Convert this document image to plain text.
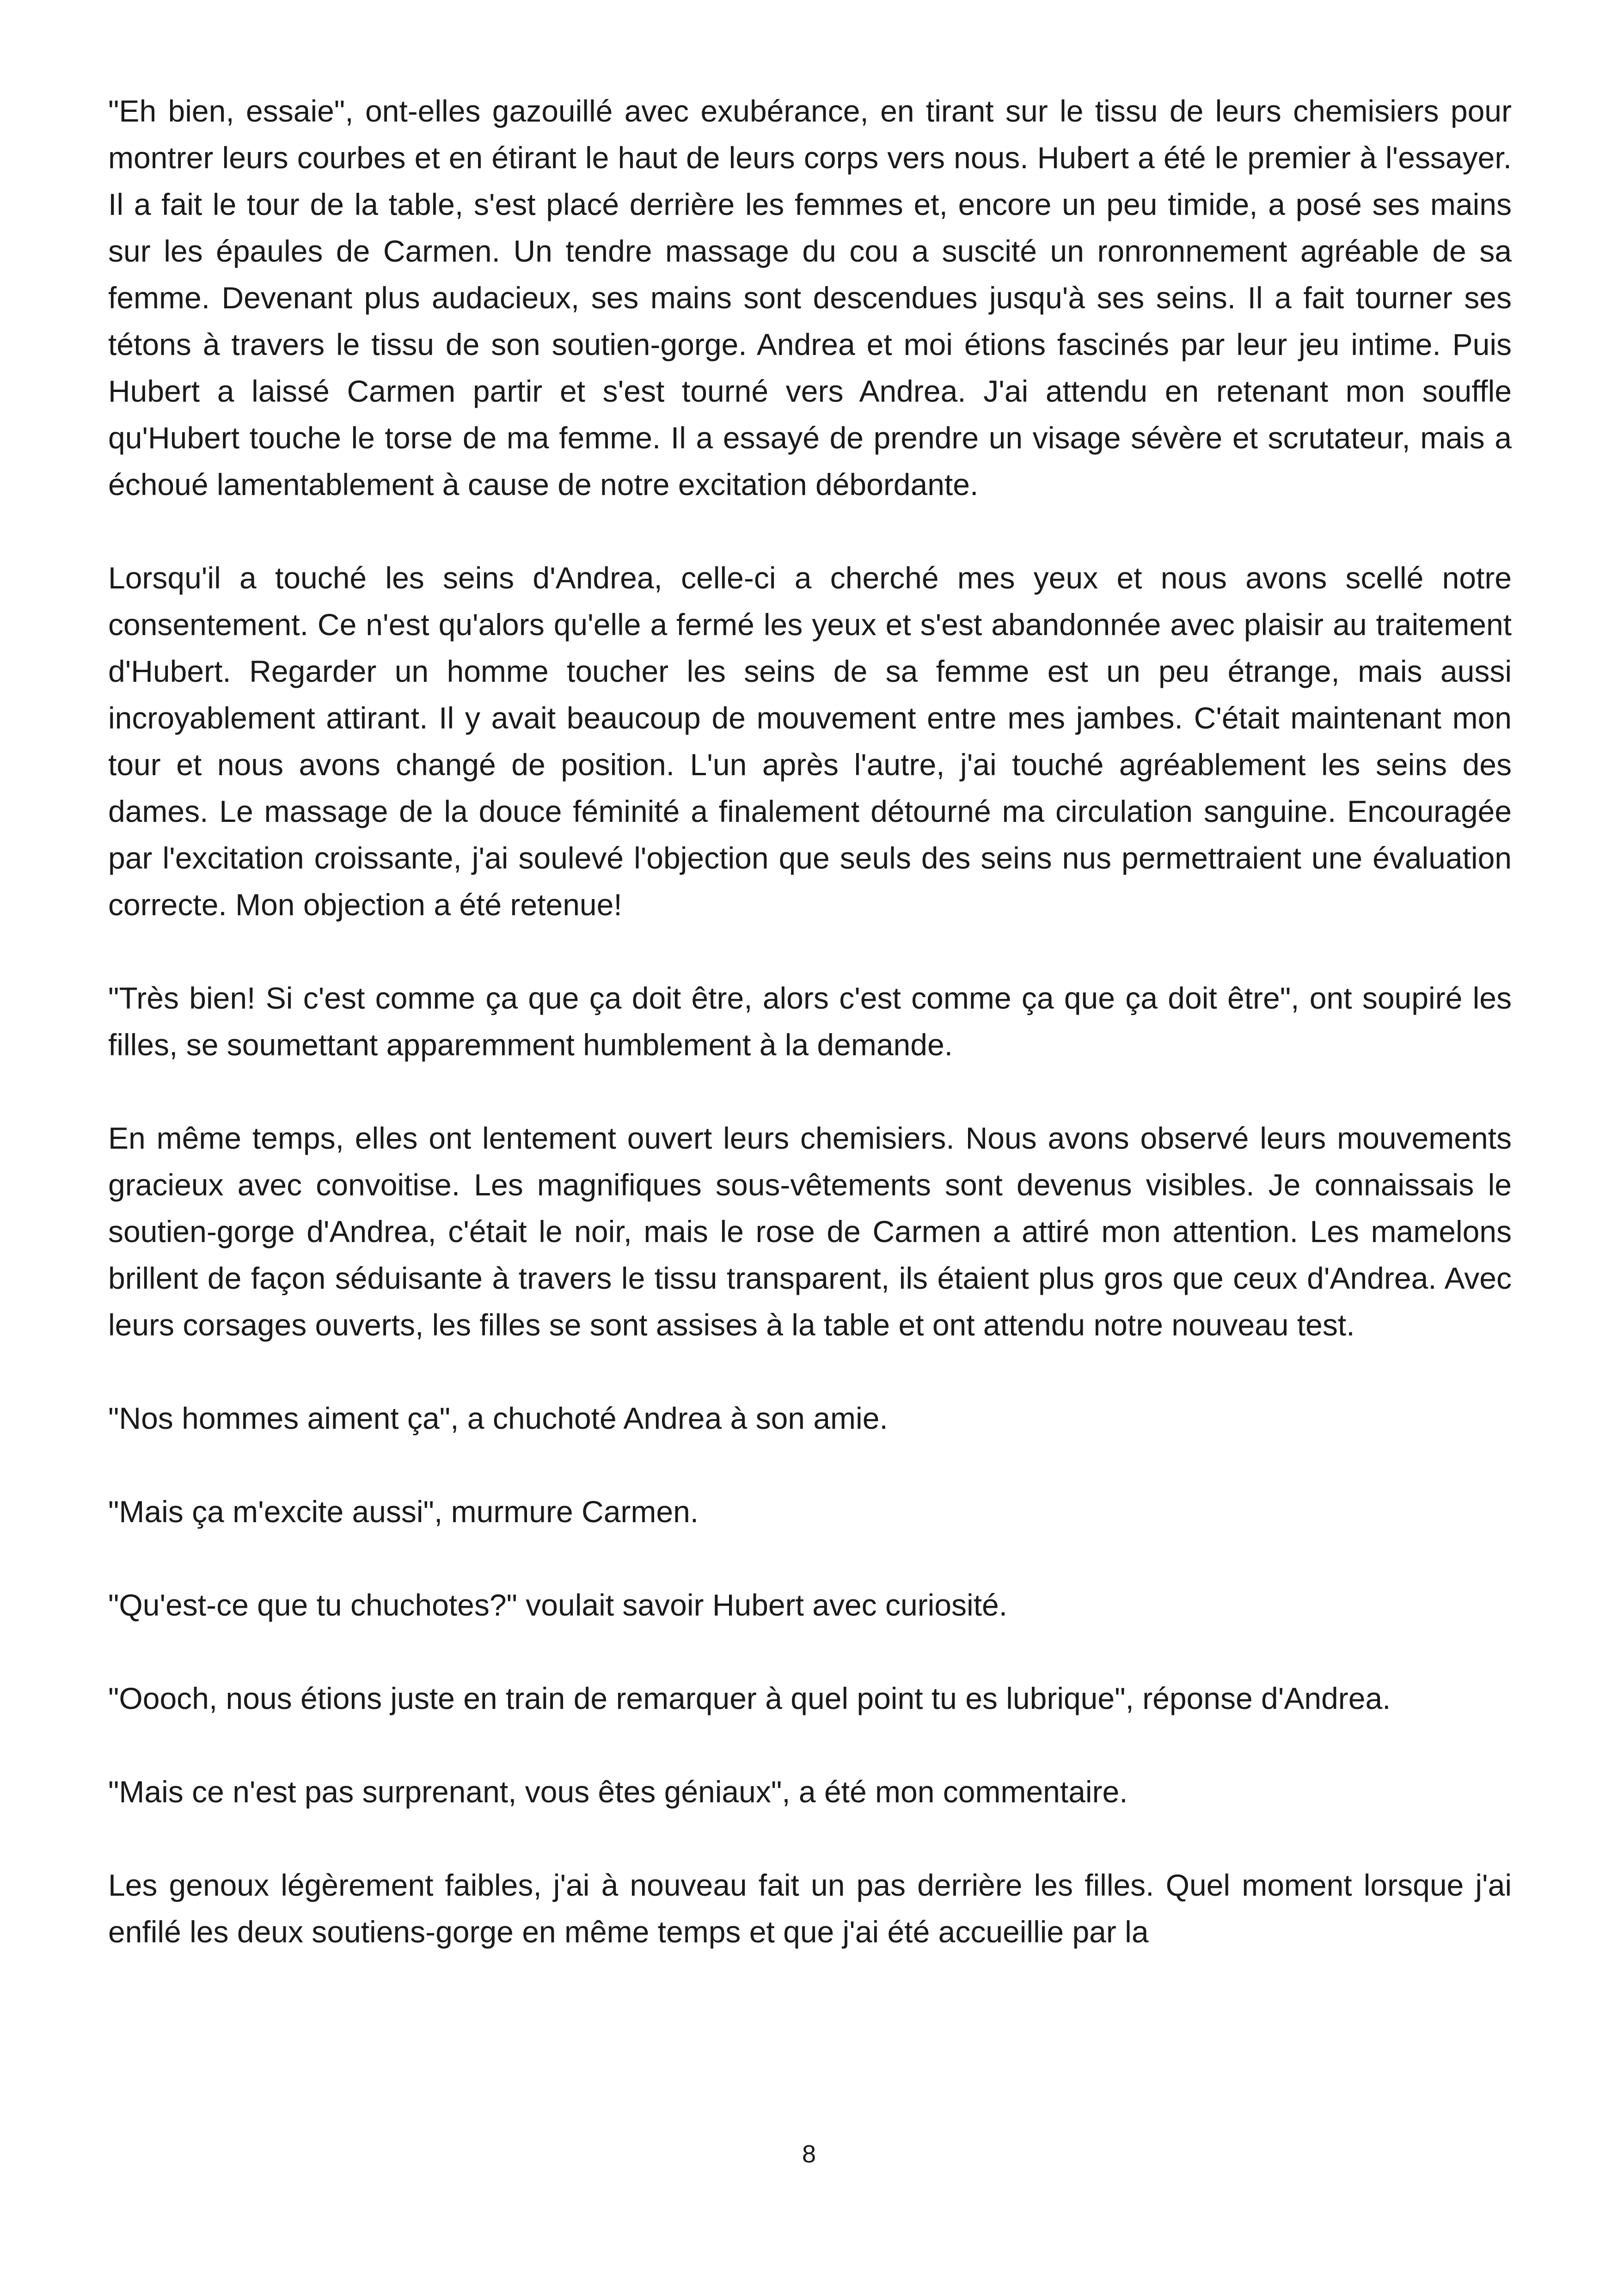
"Eh bien, essaie", ont-elles gazouillé avec exubérance, en tirant sur le tissu de leurs chemisiers pour montrer leurs courbes et en étirant le haut de leurs corps vers nous. Hubert a été le premier à l'essayer. Il a fait le tour de la table, s'est placé derrière les femmes et, encore un peu timide, a posé ses mains sur les épaules de Carmen. Un tendre massage du cou a suscité un ronronnement agréable de sa femme. Devenant plus audacieux, ses mains sont descendues jusqu'à ses seins. Il a fait tourner ses tétons à travers le tissu de son soutien-gorge. Andrea et moi étions fascinés par leur jeu intime. Puis Hubert a laissé Carmen partir et s'est tourné vers Andrea. J'ai attendu en retenant mon souffle qu'Hubert touche le torse de ma femme. Il a essayé de prendre un visage sévère et scrutateur, mais a échoué lamentablement à cause de notre excitation débordante.

Lorsqu'il a touché les seins d'Andrea, celle-ci a cherché mes yeux et nous avons scellé notre consentement. Ce n'est qu'alors qu'elle a fermé les yeux et s'est abandonnée avec plaisir au traitement d'Hubert. Regarder un homme toucher les seins de sa femme est un peu étrange, mais aussi incroyablement attirant. Il y avait beaucoup de mouvement entre mes jambes. C'était maintenant mon tour et nous avons changé de position. L'un après l'autre, j'ai touché agréablement les seins des dames. Le massage de la douce féminité a finalement détourné ma circulation sanguine. Encouragée par l'excitation croissante, j'ai soulevé l'objection que seuls des seins nus permettraient une évaluation correcte. Mon objection a été retenue!

"Très bien! Si c'est comme ça que ça doit être, alors c'est comme ça que ça doit être", ont soupiré les filles, se soumettant apparemment humblement à la demande.

En même temps, elles ont lentement ouvert leurs chemisiers. Nous avons observé leurs mouvements gracieux avec convoitise. Les magnifiques sous-vêtements sont devenus visibles. Je connaissais le soutien-gorge d'Andrea, c'était le noir, mais le rose de Carmen a attiré mon attention. Les mamelons brillent de façon séduisante à travers le tissu transparent, ils étaient plus gros que ceux d'Andrea. Avec leurs corsages ouverts, les filles se sont assises à la table et ont attendu notre nouveau test.

"Nos hommes aiment ça", a chuchoté Andrea à son amie.

"Mais ça m'excite aussi", murmure Carmen.

"Qu'est-ce que tu chuchotes?" voulait savoir Hubert avec curiosité.

"Oooch, nous étions juste en train de remarquer à quel point tu es lubrique", réponse d'Andrea.

"Mais ce n'est pas surprenant, vous êtes géniaux", a été mon commentaire.

Les genoux légèrement faibles, j'ai à nouveau fait un pas derrière les filles. Quel moment lorsque j'ai enfilé les deux soutiens-gorge en même temps et que j'ai été accueillie par la

8
